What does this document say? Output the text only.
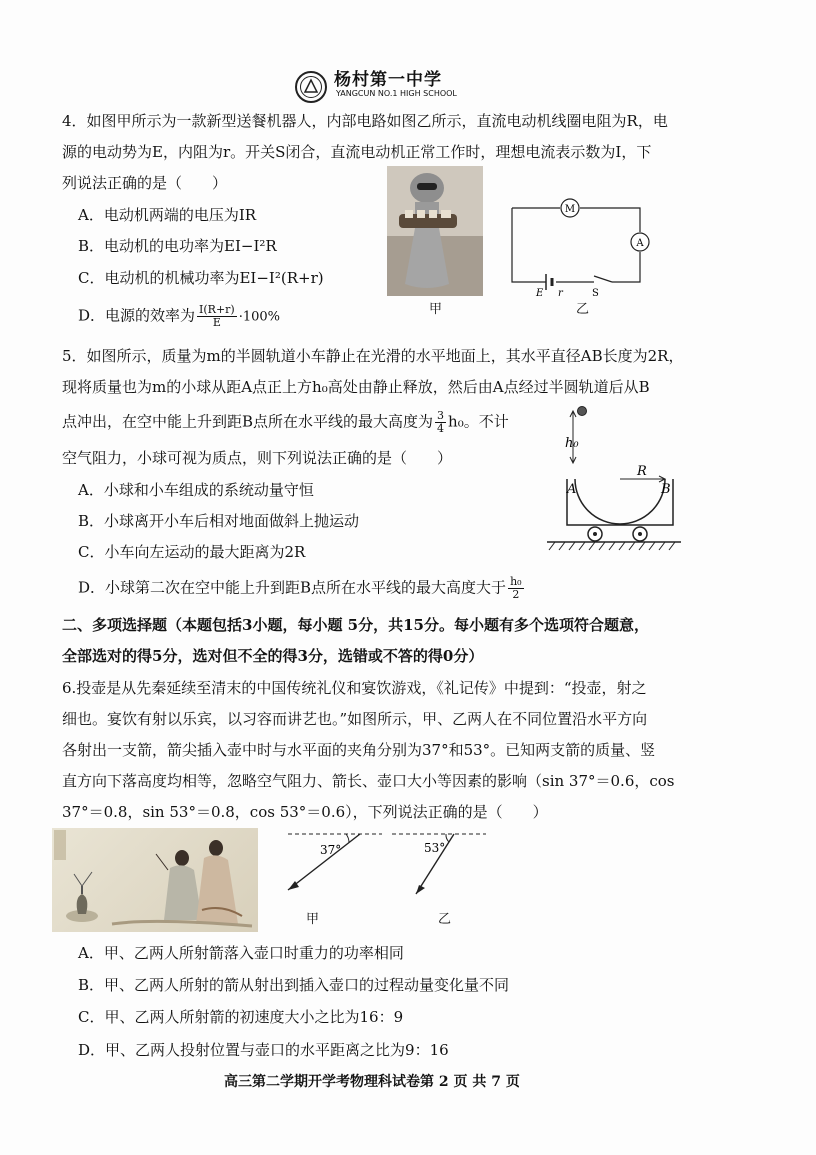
杨村第一中学
YANGCUN NO.1 HIGH SCHOOL
4．如图甲所示为一款新型送餐机器人，内部电路如图乙所示，直流电动机线圈电阻为R，电
源的电动势为E，内阻为r。开关S闭合，直流电动机正常工作时，理想电流表示数为I，下
列说法正确的是（　　）
A．电动机两端的电压为IR
B．电动机的电功率为EI−I²R
C．电动机的机械功率为EI−I²(R+r)
D．电源的效率为 $\frac{I(R+r)}{E} \cdot 100\%$	甲
M
A
E r	S
乙
5．如图所示，质量为m的半圆轨道小车静止在光滑的水平地面上，其水平直径AB长度为2R，
现将质量也为m的小球从距A点正上方h₀高处由静止释放，然后由A点经过半圆轨道后从B
点冲出，在空中能上升到距B点所在水平线的最大高度为 $\frac{3}{4} h_0$。不计
空气阻力，小球可视为质点，则下列说法正确的是（　　）
A．小球和小车组成的系统动量守恒
B．小球离开小车后相对地面做斜上抛运动
C．小车向左运动的最大距离为2R
D．小球第二次在空中能上升到距B点所在水平线的最大高度大于 $\frac{\text{h₀}}{2}$
h₀
R
A	B
二、多项选择题（本题包括3小题，每小题 5分，共15分。每小题有多个选项符合题意，
全部选对的得5分，选对但不全的得3分，选错或不答的得0分）
6.投壶是从先秦延续至清末的中国传统礼仪和宴饮游戏，《礼记传》中提到：“投壶，射之
细也。宴饮有射以乐宾，以习容而讲艺也。”如图所示，甲、乙两人在不同位置沿水平方向
各射出一支箭，箭尖插入壶中时与水平面的夹角分别为37°和53°。已知两支箭的质量、竖
直方向下落高度均相等，忽略空气阻力、箭长、壶口大小等因素的影响（sin 37°＝0.6，cos
37°＝0.8，sin 53°＝0.8，cos 53°＝0.6），下列说法正确的是（　　）
37°	53°
甲	乙
A．甲、乙两人所射箭落入壶口时重力的功率相同
B．甲、乙两人所射的箭从射出到插入壶口的过程动量变化量不同
C．甲、乙两人所射箭的初速度大小之比为16：9
D．甲、乙两人投射位置与壶口的水平距离之比为9：16
高三第二学期开学考物理科试卷第 2 页 共 7 页
